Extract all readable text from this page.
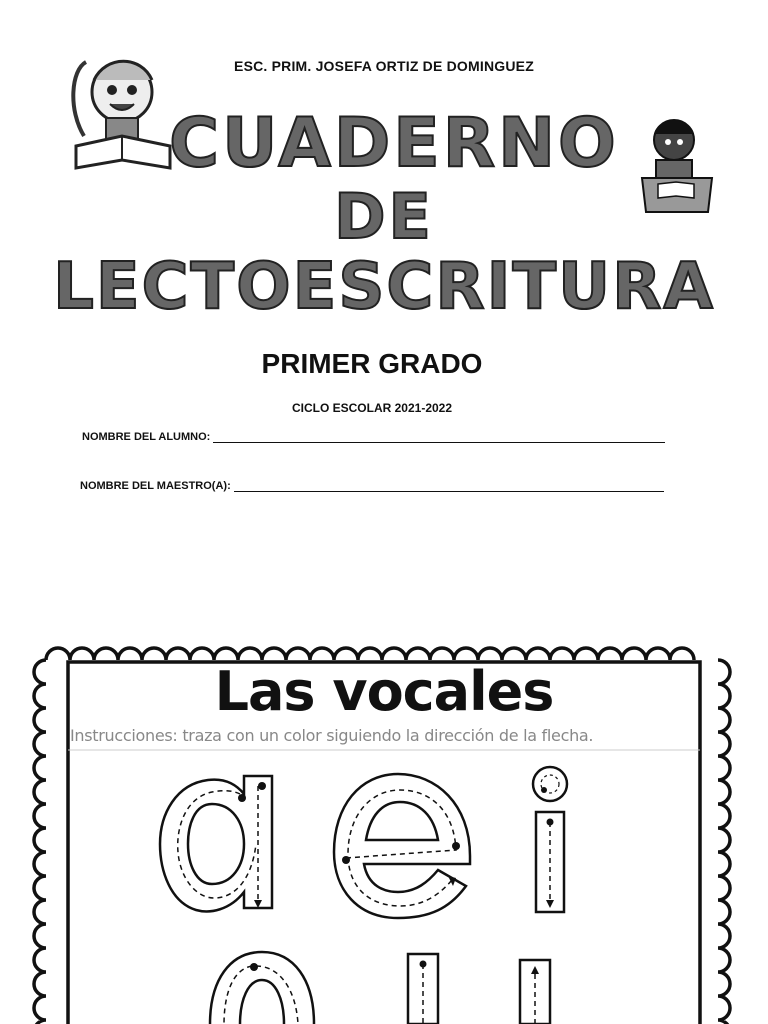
ESC. PRIM. JOSEFA ORTIZ DE DOMINGUEZ
CUADERNO
DE
LECTOESCRITURA
PRIMER GRADO
CICLO ESCOLAR 2021-2022
NOMBRE DEL ALUMNO:
NOMBRE DEL MAESTRO(A):
Las vocales
Instrucciones: traza con un color siguiendo la dirección de la flecha.
